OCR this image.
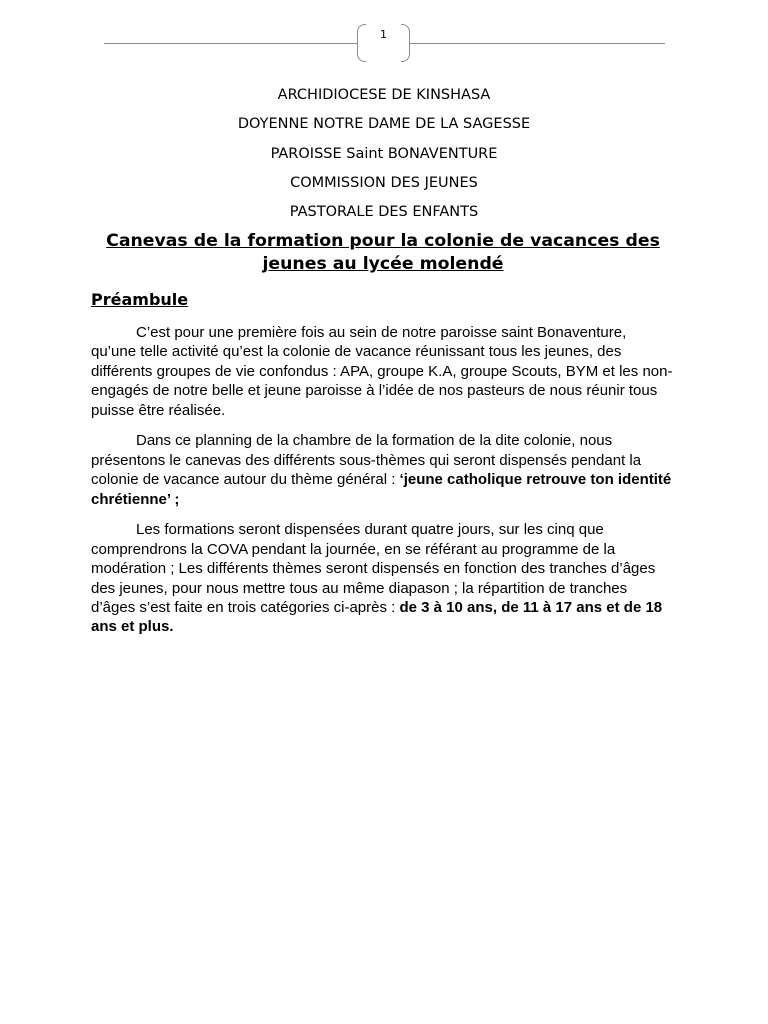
1
ARCHIDIOCESE DE KINSHASA
DOYENNE NOTRE DAME DE LA SAGESSE
PAROISSE Saint BONAVENTURE
COMMISSION DES JEUNES
PASTORALE DES ENFANTS
Canevas de la formation pour la colonie de vacances des
jeunes au lycée molendé
Préambule

C’est pour une première fois au sein de notre paroisse saint Bonaventure, qu’une telle activité qu’est la colonie de vacance réunissant tous les jeunes, des différents groupes de vie confondus : APA, groupe K.A, groupe Scouts, BYM et les non-engagés de notre belle et jeune paroisse à l’idée de nos pasteurs de nous réunir tous puisse être réalisée.

Dans ce planning de la chambre de la formation de la dite colonie, nous présentons le canevas des différents sous-thèmes qui seront dispensés pendant la colonie de vacance autour du thème général : ‘jeune catholique retrouve ton identité chrétienne’ ;

Les formations seront dispensées durant quatre jours, sur les cinq que comprendrons la COVA pendant la journée, en se référant au programme de la modération ; Les différents thèmes seront dispensés en fonction des tranches d’âges des jeunes, pour nous mettre tous au même diapason ; la répartition de tranches d’âges s’est faite en trois catégories ci-après : de 3 à 10 ans, de 11 à 17 ans et de 18 ans et plus.
